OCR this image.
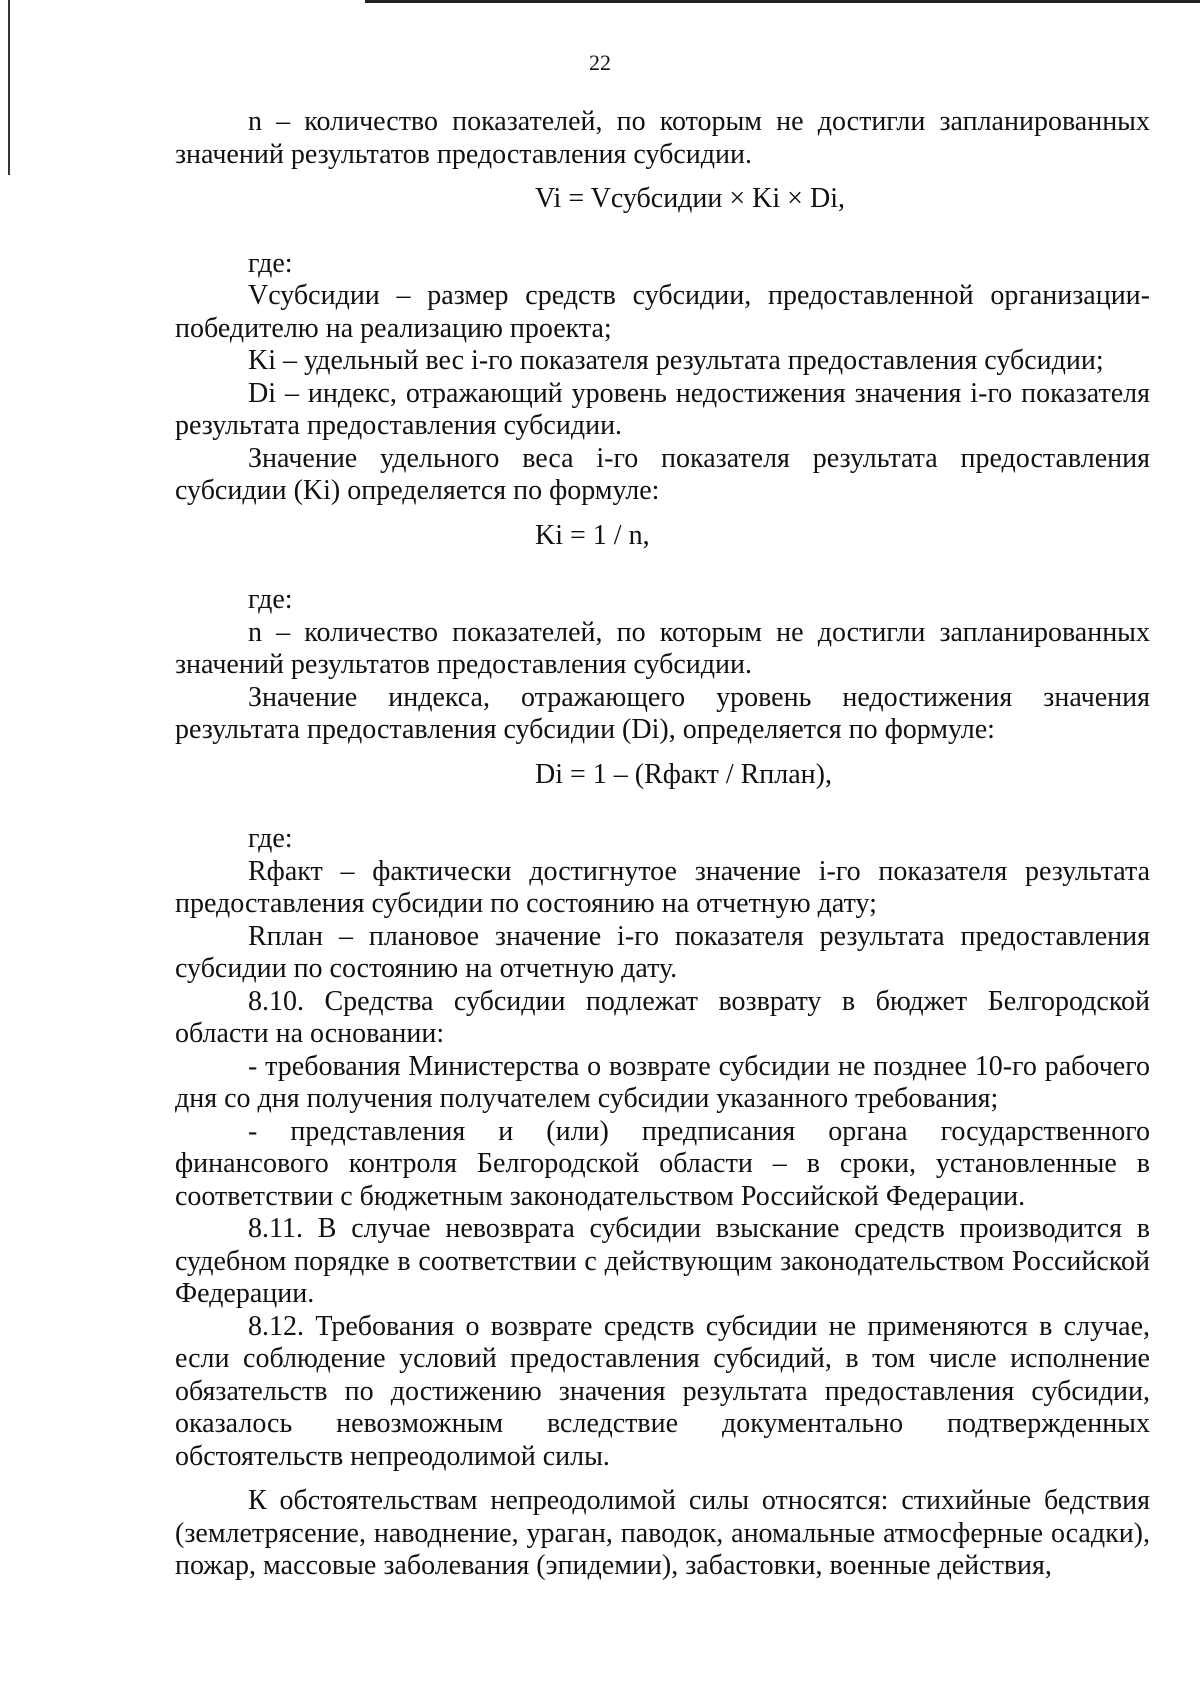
22

n – количество показателей, по которым не достигли запланированных значений результатов предоставления субсидии.

Vi = Vсубсидии × Ki × Di,

где:

Vсубсидии – размер средств субсидии, предоставленной организации-победителю на реализацию проекта;

Ki – удельный вес i-го показателя результата предоставления субсидии;

Di – индекс, отражающий уровень недостижения значения i-го показателя результата предоставления субсидии.

Значение удельного веса i-го показателя результата предоставления субсидии (Ki) определяется по формуле:

Ki = 1 / n,

где:

n – количество показателей, по которым не достигли запланированных значений результатов предоставления субсидии.

Значение индекса, отражающего уровень недостижения значения результата предоставления субсидии (Di), определяется по формуле:

Di = 1 – (Rфакт / Rплан),

где:

Rфакт – фактически достигнутое значение i-го показателя результата предоставления субсидии по состоянию на отчетную дату;

Rплан – плановое значение i-го показателя результата предоставления субсидии по состоянию на отчетную дату.

8.10. Средства субсидии подлежат возврату в бюджет Белгородской области на основании:

- требования Министерства о возврате субсидии не позднее 10-го рабочего дня со дня получения получателем субсидии указанного требования;

- представления и (или) предписания органа государственного финансового контроля Белгородской области – в сроки, установленные в соответствии с бюджетным законодательством Российской Федерации.

8.11. В случае невозврата субсидии взыскание средств производится в судебном порядке в соответствии с действующим законодательством Российской Федерации.

8.12. Требования о возврате средств субсидии не применяются в случае, если соблюдение условий предоставления субсидий, в том числе исполнение обязательств по достижению значения результата предоставления субсидии, оказалось невозможным вследствие документально подтвержденных обстоятельств непреодолимой силы.

К обстоятельствам непреодолимой силы относятся: стихийные бедствия (землетрясение, наводнение, ураган, паводок, аномальные атмосферные осадки), пожар, массовые заболевания (эпидемии), забастовки, военные действия,
